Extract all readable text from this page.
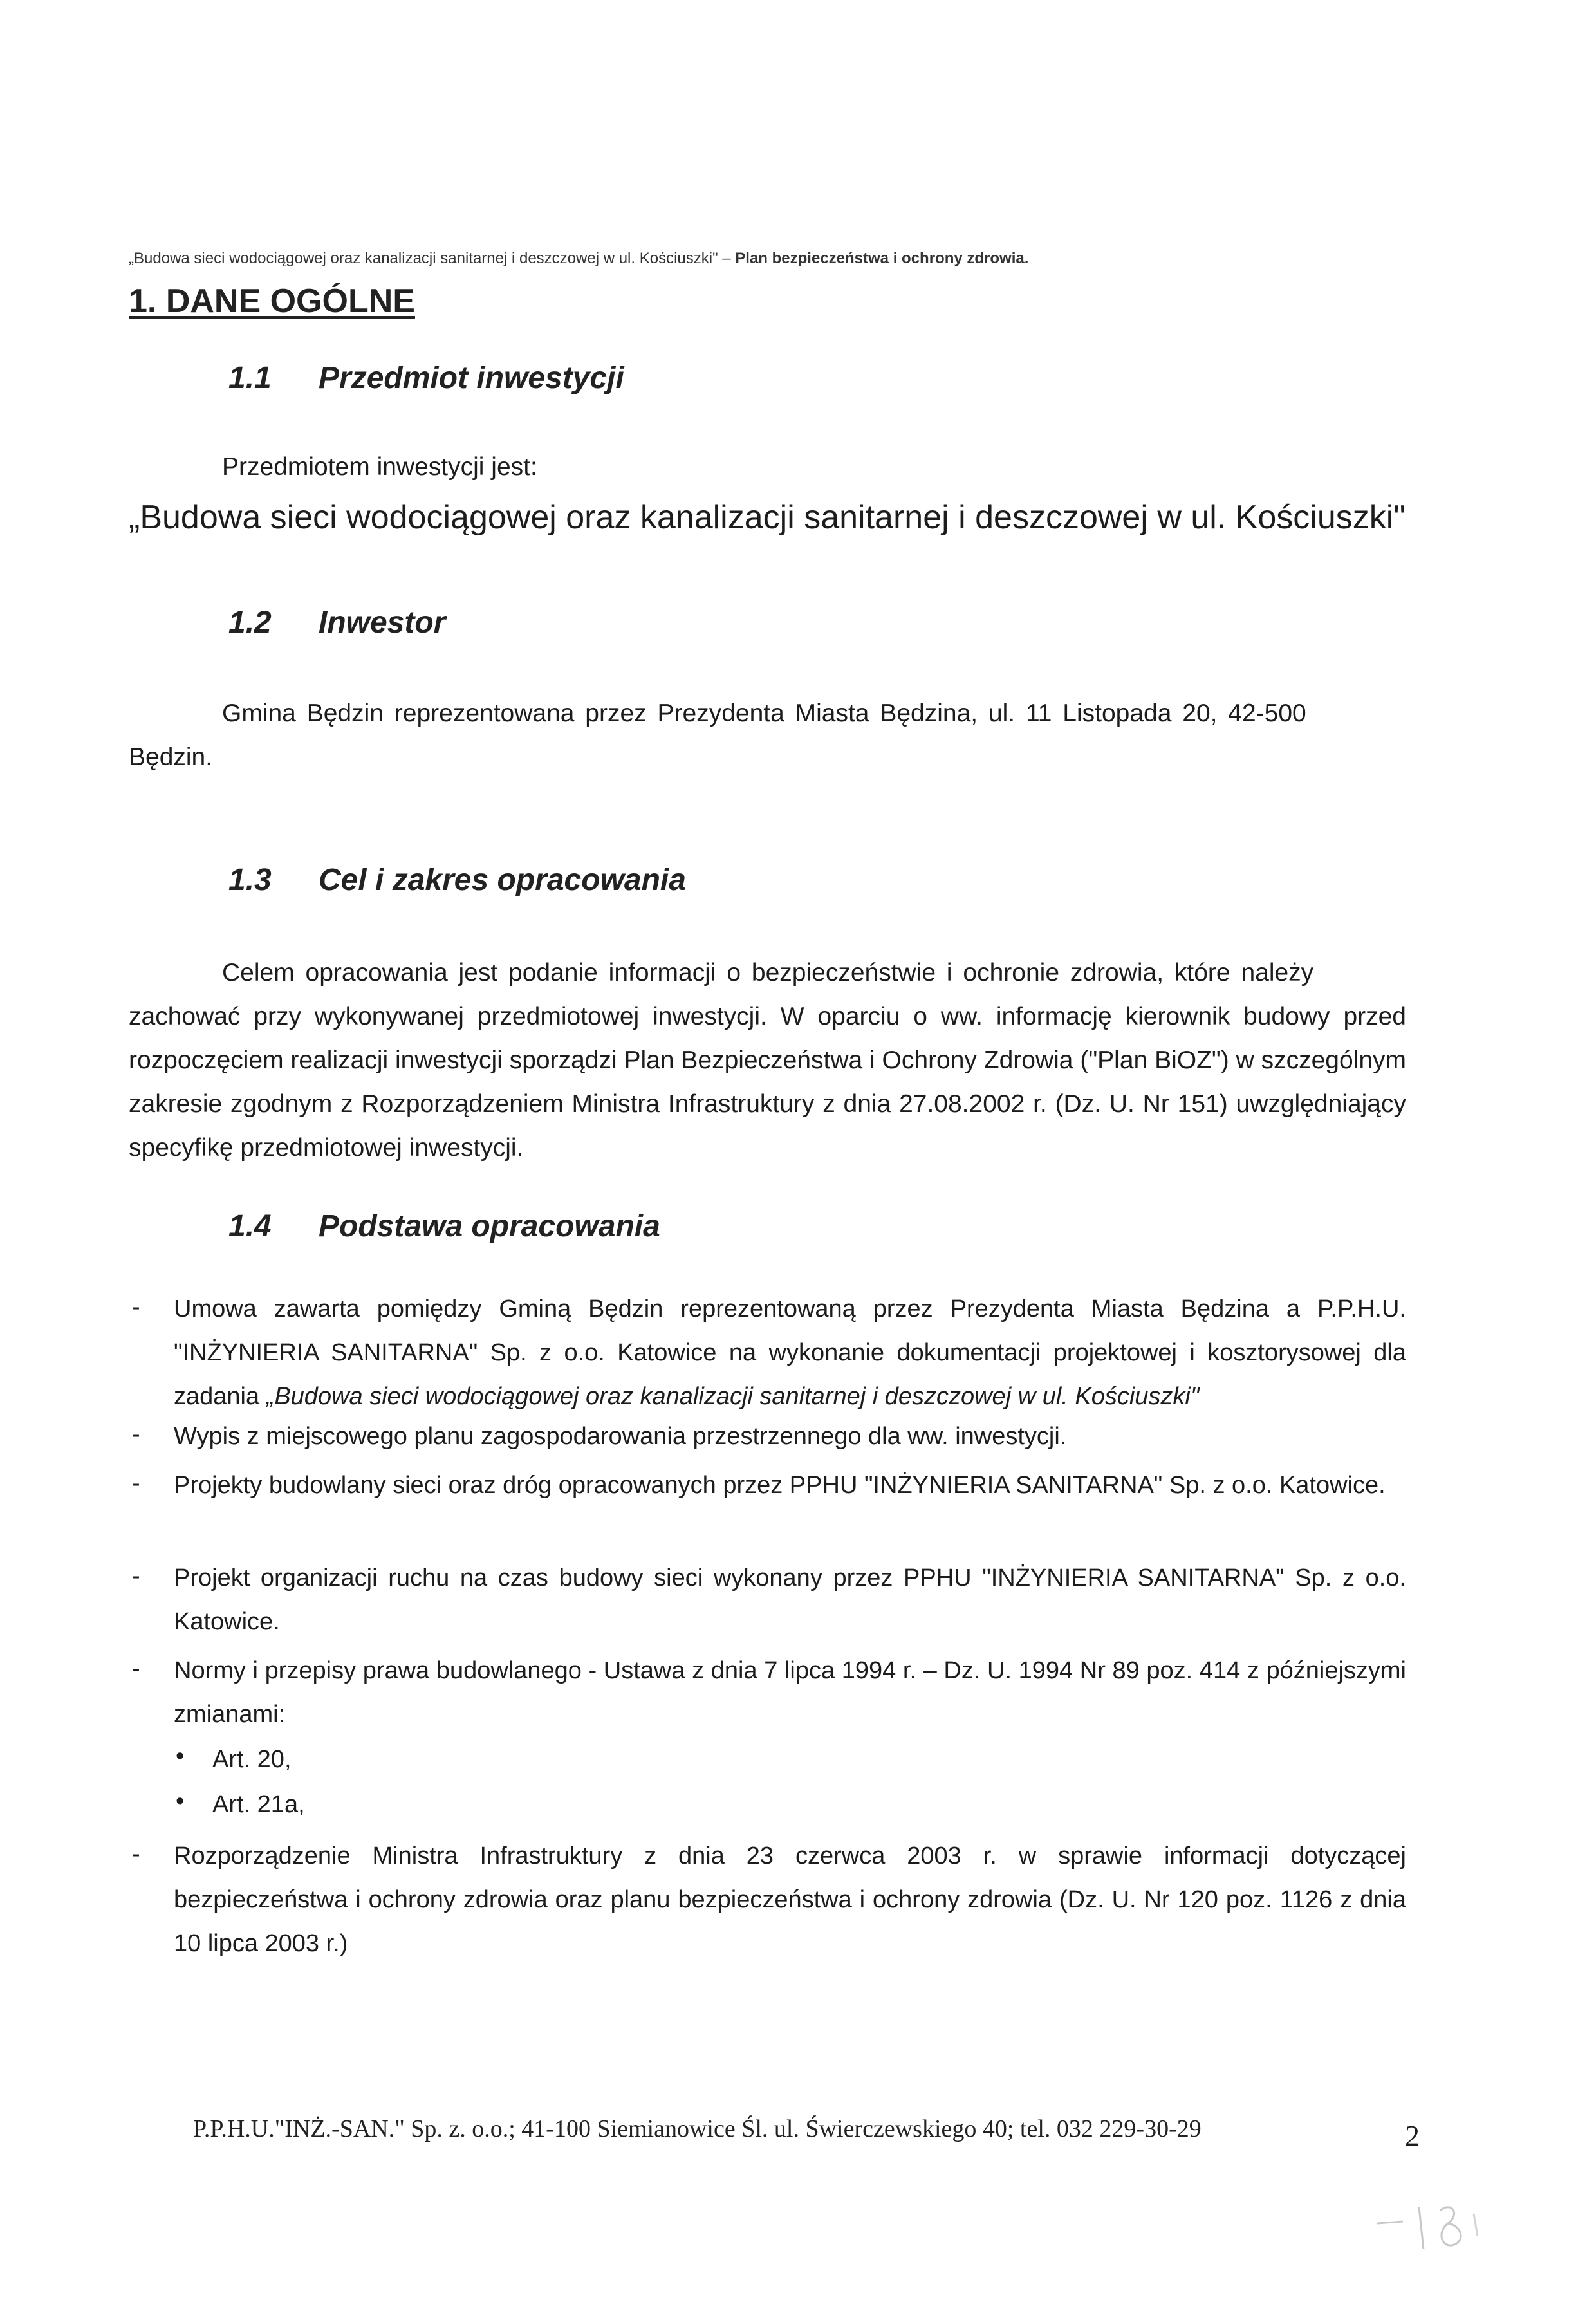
„Budowa sieci wodociągowej oraz kanalizacji sanitarnej i deszczowej w ul. Kościuszki" – Plan bezpieczeństwa i ochrony zdrowia.
1. DANE OGÓLNE
1.1 Przedmiot inwestycji
Przedmiotem inwestycji jest:
„Budowa sieci wodociągowej oraz kanalizacji sanitarnej i deszczowej w ul. Kościuszki"
1.2 Inwestor
Gmina Będzin reprezentowana przez Prezydenta Miasta Będzina, ul. 11 Listopada 20, 42-500
Będzin.
1.3 Cel i zakres opracowania
Celem opracowania jest podanie informacji o bezpieczeństwie i ochronie zdrowia, które należy
zachować przy wykonywanej przedmiotowej inwestycji. W oparciu o ww. informację kierownik budowy przed rozpoczęciem realizacji inwestycji sporządzi Plan Bezpieczeństwa i Ochrony Zdrowia ("Plan BiOZ") w szczególnym zakresie zgodnym z Rozporządzeniem Ministra Infrastruktury z dnia 27.08.2002 r. (Dz. U. Nr 151) uwzględniający specyfikę przedmiotowej inwestycji.
1.4 Podstawa opracowania
- Umowa zawarta pomiędzy Gminą Będzin reprezentowaną przez Prezydenta Miasta Będzina a P.P.H.U. "INŻYNIERIA SANITARNA" Sp. z o.o. Katowice na wykonanie dokumentacji projektowej i kosztorysowej dla zadania „Budowa sieci wodociągowej oraz kanalizacji sanitarnej i deszczowej w ul. Kościuszki"
- Wypis z miejscowego planu zagospodarowania przestrzennego dla ww. inwestycji.
- Projekty budowlany sieci oraz dróg opracowanych przez PPHU "INŻYNIERIA SANITARNA" Sp. z o.o. Katowice.
- Projekt organizacji ruchu na czas budowy sieci wykonany przez PPHU "INŻYNIERIA SANITARNA" Sp. z o.o. Katowice.
- Normy i przepisy prawa budowlanego - Ustawa z dnia 7 lipca 1994 r. – Dz. U. 1994 Nr 89 poz. 414 z późniejszymi zmianami:
• Art. 20,
• Art. 21a,
- Rozporządzenie Ministra Infrastruktury z dnia 23 czerwca 2003 r. w sprawie informacji dotyczącej bezpieczeństwa i ochrony zdrowia oraz planu bezpieczeństwa i ochrony zdrowia (Dz. U. Nr 120 poz. 1126 z dnia 10 lipca 2003 r.)
P.P.H.U."INŻ.-SAN." Sp. z. o.o.; 41-100 Siemianowice Śl. ul. Świerczewskiego 40; tel. 032 229-30-29	2
